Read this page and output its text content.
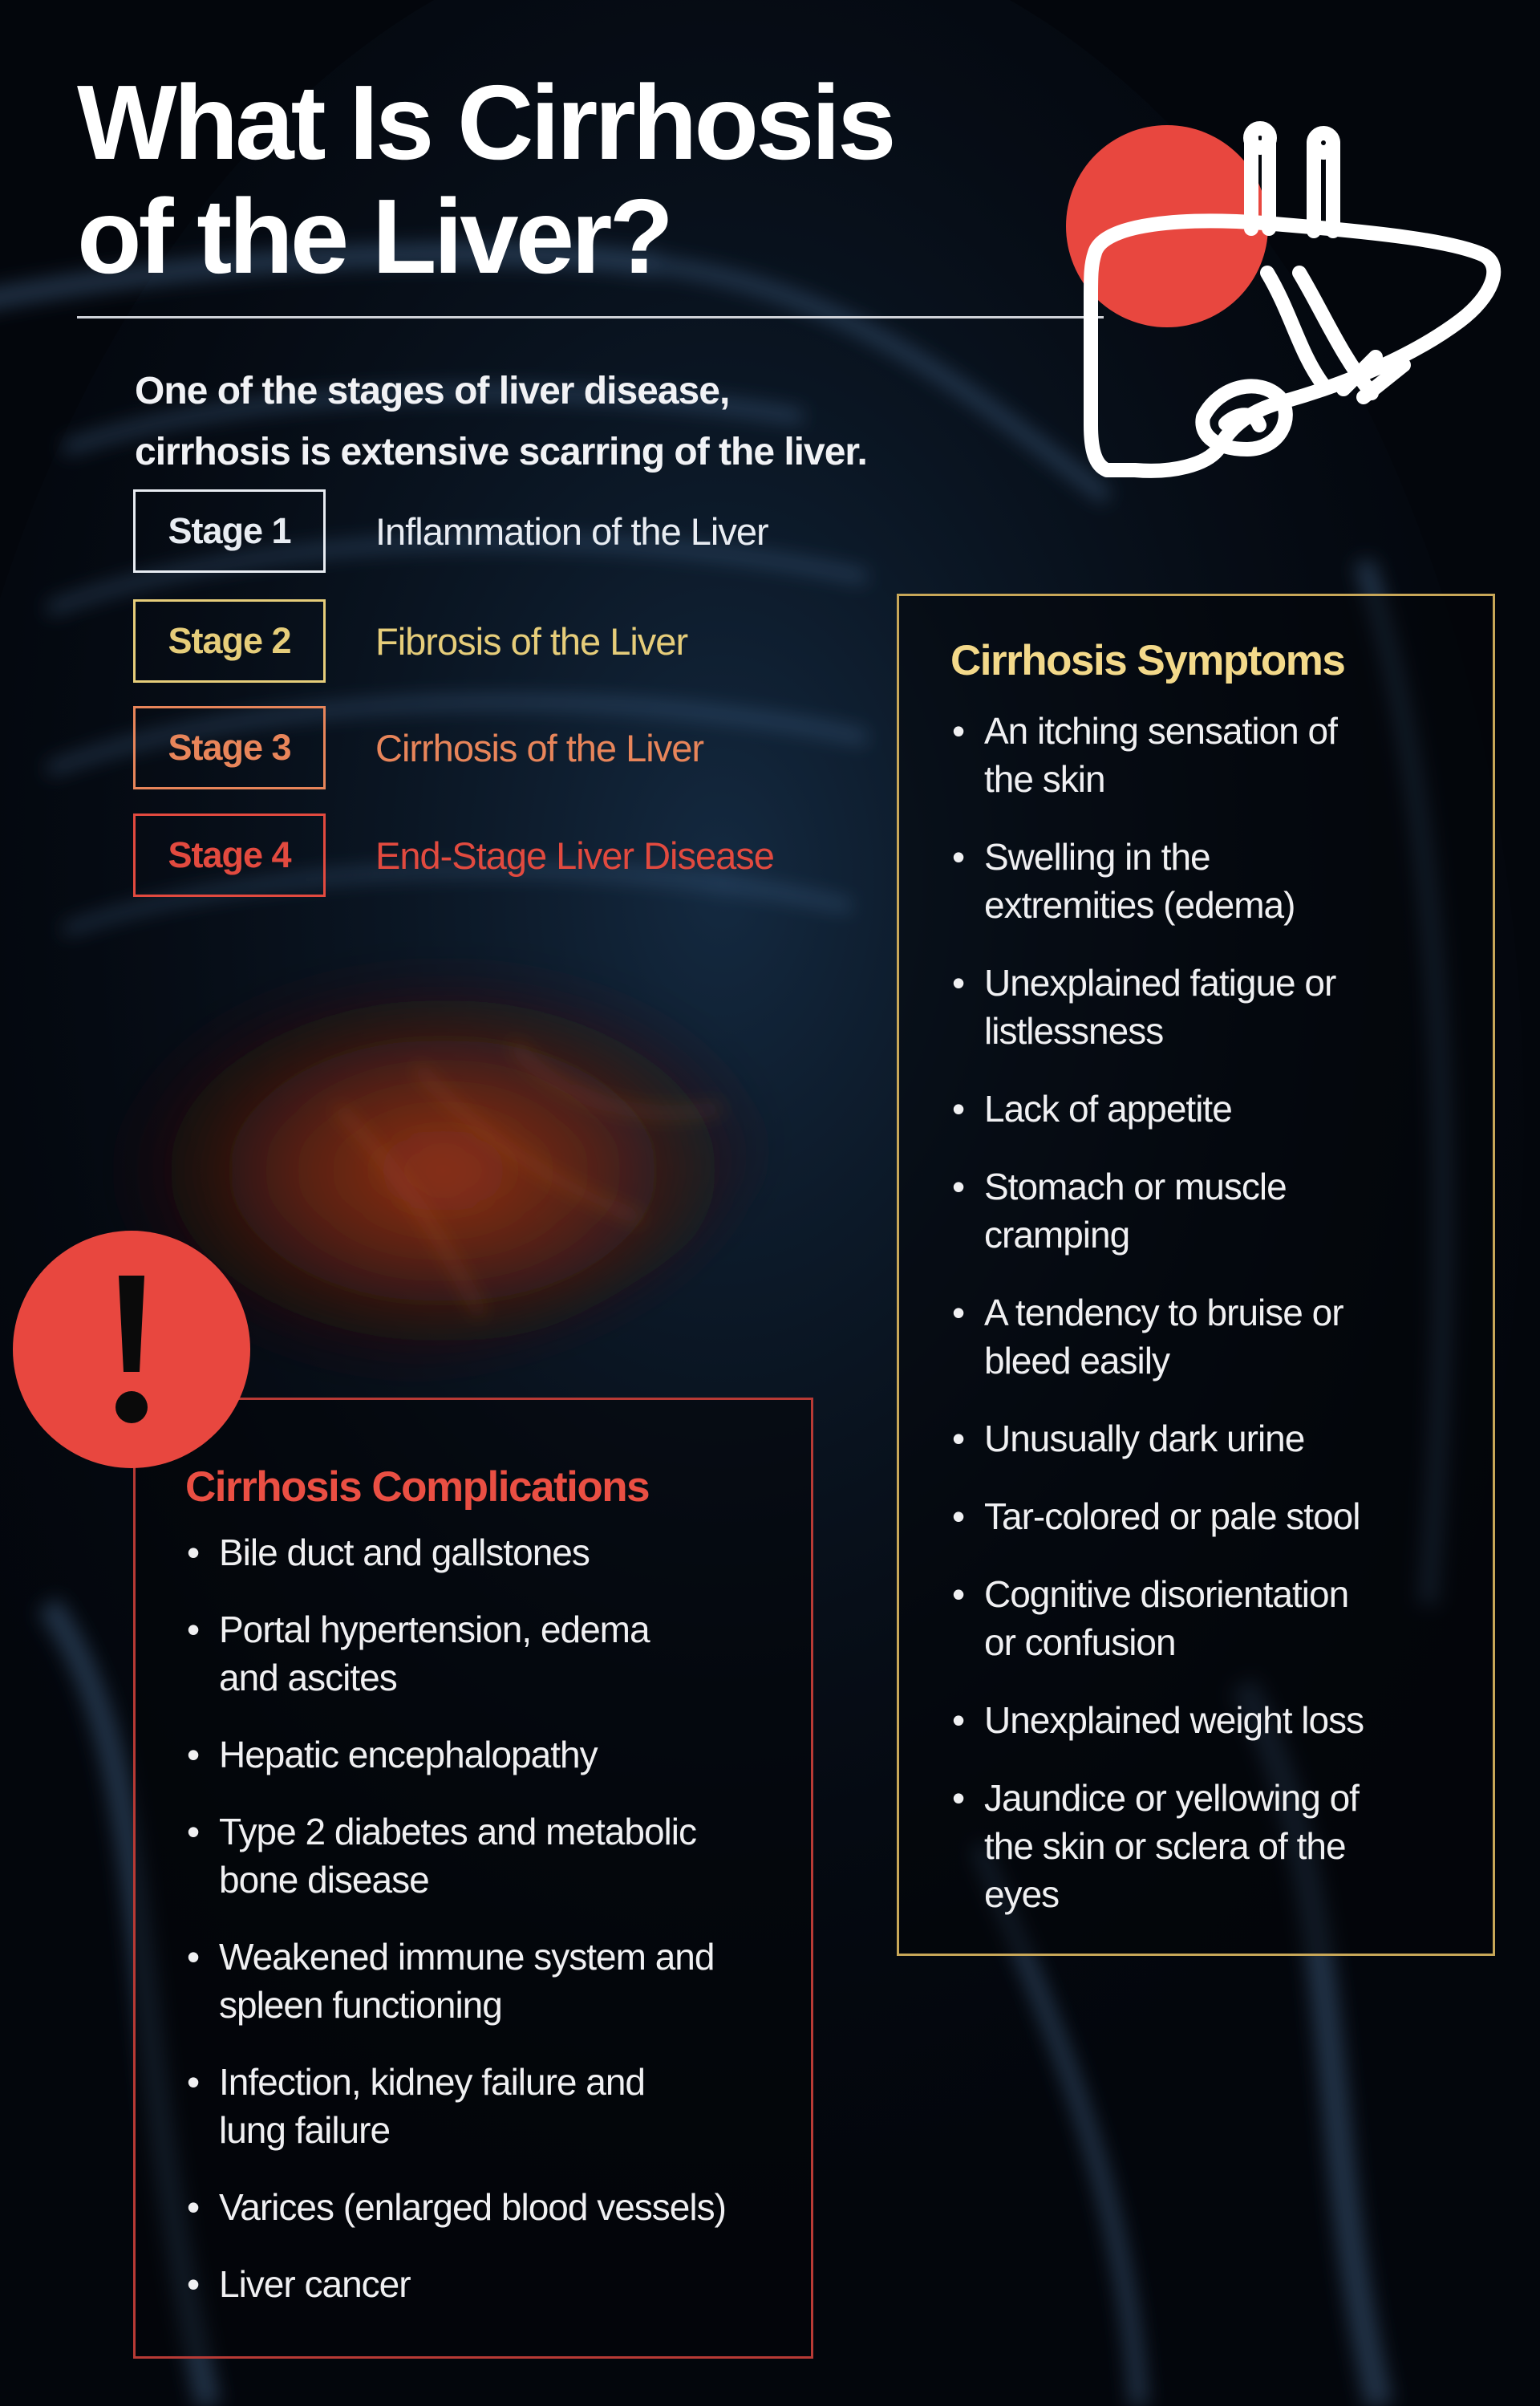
What Is Cirrhosis
of the Liver?
One of the stages of liver disease,
cirrhosis is extensive scarring of the liver.
Stage 1	Inflammation of the Liver
Stage 2	Fibrosis of the Liver
Stage 3	Cirrhosis of the Liver
Stage 4	End-Stage Liver Disease
Cirrhosis Symptoms
• An itching sensation of
the skin
• Swelling in the
extremities (edema)
• Unexplained fatigue or
listlessness
• Lack of appetite
• Stomach or muscle
cramping
• A tendency to bruise or
bleed easily
• Unusually dark urine
• Tar-colored or pale stool
• Cognitive disorientation
or confusion
• Unexplained weight loss
• Jaundice or yellowing of
the skin or sclera of the
eyes
Cirrhosis Complications
• Bile duct and gallstones
• Portal hypertension, edema
and ascites
• Hepatic encephalopathy
• Type 2 diabetes and metabolic
bone disease
• Weakened immune system and
spleen functioning
• Infection, kidney failure and
lung failure
• Varices (enlarged blood vessels)
• Liver cancer
